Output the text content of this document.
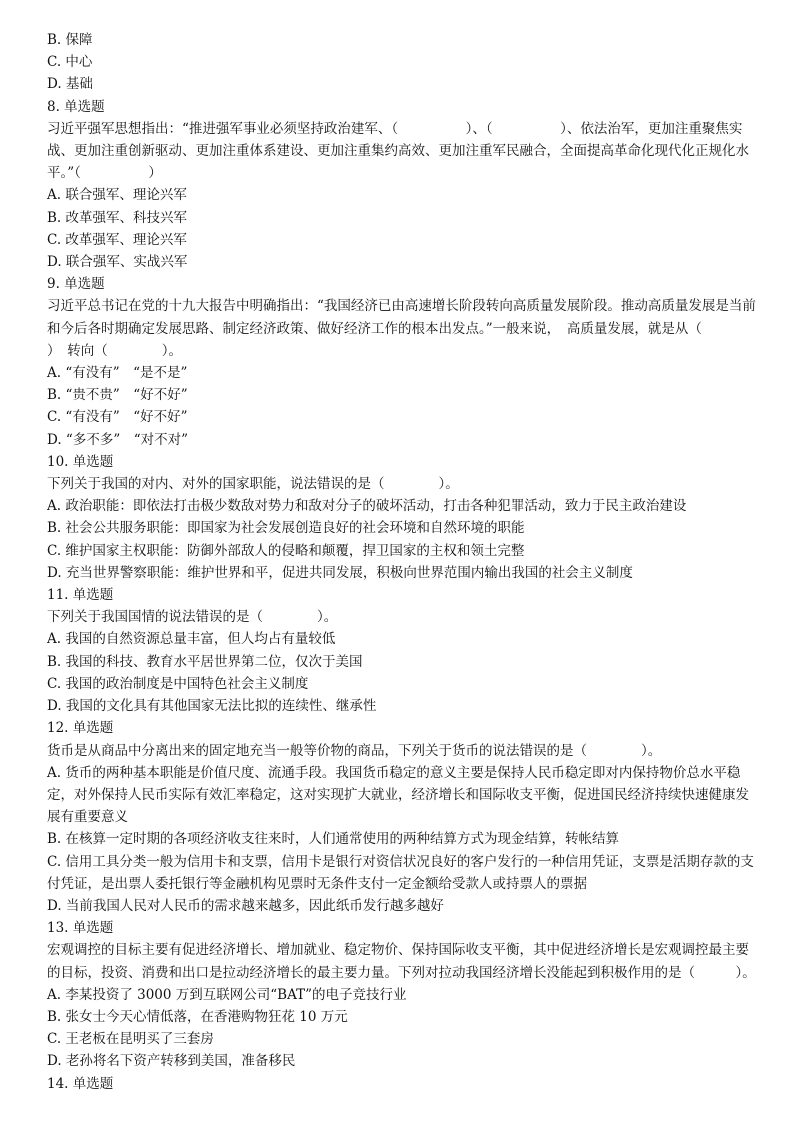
B. 保障
C. 中心
D. 基础
8. 单选题
习近平强军思想指出：“推进强军事业必须坚持政治建军、（　　　　　）、（　　　　　）、依法治军，更加注重聚焦实战、更加注重创新驱动、更加注重体系建设、更加注重集约高效、更加注重军民融合，全面提高革命化现代化正规化水平。”（　　　　　）
A. 联合强军、理论兴军
B. 改革强军、科技兴军
C. 改革强军、理论兴军
D. 联合强军、实战兴军
9. 单选题
习近平总书记在党的十九大报告中明确指出：“我国经济已由高速增长阶段转向高质量发展阶段。推动高质量发展是当前和今后各时期确定发展思路、制定经济政策、做好经济工作的根本出发点。”一般来说，　高质量发展，就是从（　　　　）　转向（　　　　）。
A. “有没有”　“是不是”
B. “贵不贵”　“好不好”
C. “有没有”　“好不好”
D. “多不多”　“对不对”
10. 单选题
下列关于我国的对内、对外的国家职能，说法错误的是（　　　　）。
A. 政治职能：即依法打击极少数敌对势力和敌对分子的破坏活动，打击各种犯罪活动，致力于民主政治建设
B. 社会公共服务职能：即国家为社会发展创造良好的社会环境和自然环境的职能
C. 维护国家主权职能：防御外部敌人的侵略和颠覆，捍卫国家的主权和领土完整
D. 充当世界警察职能：维护世界和平，促进共同发展，积极向世界范围内输出我国的社会主义制度
11. 单选题
下列关于我国国情的说法错误的是（　　　　）。
A. 我国的自然资源总量丰富，但人均占有量较低
B. 我国的科技、教育水平居世界第二位，仅次于美国
C. 我国的政治制度是中国特色社会主义制度
D. 我国的文化具有其他国家无法比拟的连续性、继承性
12. 单选题
货币是从商品中分离出来的固定地充当一般等价物的商品，下列关于货币的说法错误的是（　　　　）。
A. 货币的两种基本职能是价值尺度、流通手段。我国货币稳定的意义主要是保持人民币稳定即对内保持物价总水平稳定，对外保持人民币实际有效汇率稳定，这对实现扩大就业，经济增长和国际收支平衡，促进国民经济持续快速健康发展有重要意义
B. 在核算一定时期的各项经济收支往来时，人们通常使用的两种结算方式为现金结算，转帐结算
C. 信用工具分类一般为信用卡和支票，信用卡是银行对资信状况良好的客户发行的一种信用凭证，支票是活期存款的支付凭证，是出票人委托银行等金融机构见票时无条件支付一定金额给受款人或持票人的票据
D. 当前我国人民对人民币的需求越来越多，因此纸币发行越多越好
13. 单选题
宏观调控的目标主要有促进经济增长、增加就业、稳定物价、保持国际收支平衡，其中促进经济增长是宏观调控最主要的目标，投资、消费和出口是拉动经济增长的最主要力量。下列对拉动我国经济增长没能起到积极作用的是（　　　）。
A. 李某投资了 3000 万到互联网公司“BAT”的电子竞技行业
B. 张女士今天心情低落，在香港购物狂花 10 万元
C. 王老板在昆明买了三套房
D. 老孙将名下资产转移到美国，准备移民
14. 单选题
